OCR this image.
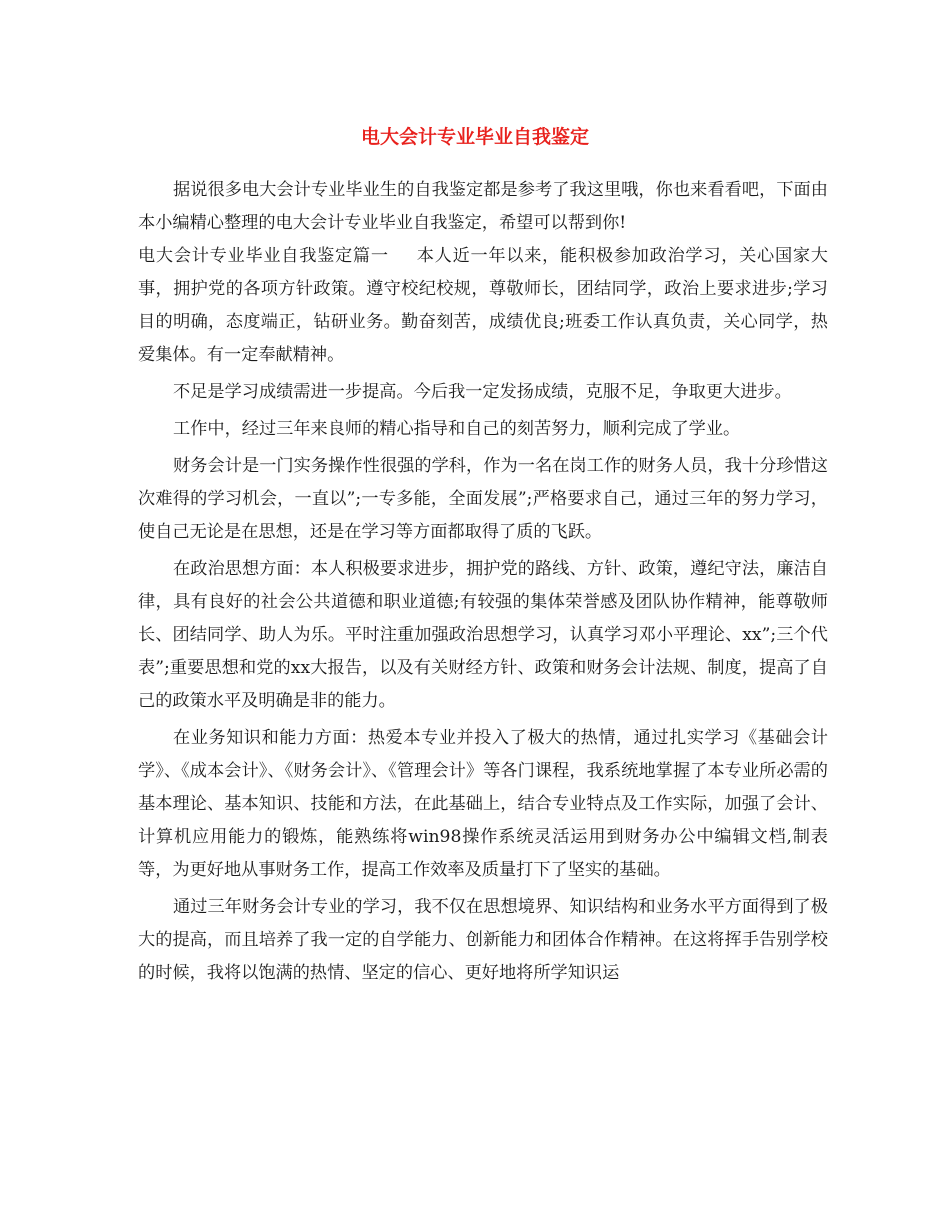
电大会计专业毕业自我鉴定

据说很多电大会计专业毕业生的自我鉴定都是参考了我这里哦，你也来看看吧，下面由本小编精心整理的电大会计专业毕业自我鉴定，希望可以帮到你!

电大会计专业毕业自我鉴定篇一 本人近一年以来，能积极参加政治学习，关心国家大事，拥护党的各项方针政策。遵守校纪校规，尊敬师长，团结同学，政治上要求进步;学习目的明确，态度端正，钻研业务。勤奋刻苦，成绩优良;班委工作认真负责，关心同学，热爱集体。有一定奉献精神。

不足是学习成绩需进一步提高。今后我一定发扬成绩，克服不足，争取更大进步。

工作中，经过三年来良师的精心指导和自己的刻苦努力，顺利完成了学业。

财务会计是一门实务操作性很强的学科，作为一名在岗工作的财务人员，我十分珍惜这次难得的学习机会，一直以”;一专多能，全面发展”;严格要求自己，通过三年的努力学习，使自己无论是在思想，还是在学习等方面都取得了质的飞跃。

在政治思想方面：本人积极要求进步，拥护党的路线、方针、政策，遵纪守法，廉洁自律，具有良好的社会公共道德和职业道德;有较强的集体荣誉感及团队协作精神，能尊敬师长、团结同学、助人为乐。平时注重加强政治思想学习，认真学习邓小平理论、xx”;三个代表”;重要思想和党的xx大报告，以及有关财经方针、政策和财务会计法规、制度，提高了自己的政策水平及明确是非的能力。

在业务知识和能力方面：热爱本专业并投入了极大的热情，通过扎实学习《基础会计学》、《成本会计》、《财务会计》、《管理会计》等各门课程，我系统地掌握了本专业所必需的基本理论、基本知识、技能和方法，在此基础上，结合专业特点及工作实际，加强了会计、计算机应用能力的锻炼，能熟练将win98操作系统灵活运用到财务办公中编辑文档,制表等，为更好地从事财务工作，提高工作效率及质量打下了坚实的基础。

通过三年财务会计专业的学习，我不仅在思想境界、知识结构和业务水平方面得到了极大的提高，而且培养了我一定的自学能力、创新能力和团体合作精神。在这将挥手告别学校的时候，我将以饱满的热情、坚定的信心、更好地将所学知识运
